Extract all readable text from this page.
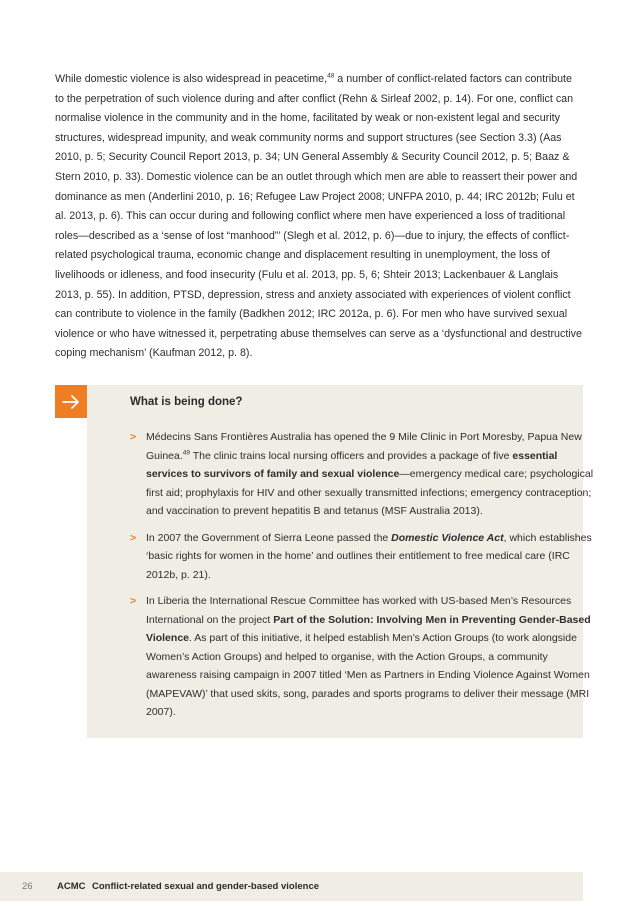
While domestic violence is also widespread in peacetime,$^{48}$ a number of conflict-related factors can contribute to the perpetration of such violence during and after conflict (Rehn & Sirleaf 2002, p. 14). For one, conflict can normalise violence in the community and in the home, facilitated by weak or non-existent legal and security structures, widespread impunity, and weak community norms and support structures (see Section 3.3) (Aas 2010, p. 5; Security Council Report 2013, p. 34; UN General Assembly & Security Council 2012, p. 5; Baaz & Stern 2010, p. 33). Domestic violence can be an outlet through which men are able to reassert their power and dominance as men (Anderlini 2010, p. 16; Refugee Law Project 2008; UNFPA 2010, p. 44; IRC 2012b; Fulu et al. 2013, p. 6). This can occur during and following conflict where men have experienced a loss of traditional roles—described as a ‘sense of lost “manhood”’ (Slegh et al. 2012, p. 6)—due to injury, the effects of conflict-related psychological trauma, economic change and displacement resulting in unemployment, the loss of livelihoods or idleness, and food insecurity (Fulu et al. 2013, pp. 5, 6; Shteir 2013; Lackenbauer & Langlais 2013, p. 55). In addition, PTSD, depression, stress and anxiety associated with experiences of violent conflict can contribute to violence in the family (Badkhen 2012; IRC 2012a, p. 6). For men who have survived sexual violence or who have witnessed it, perpetrating abuse themselves can serve as a ‘dysfunctional and destructive coping mechanism’ (Kaufman 2012, p. 8).

What is being done?
> Médecins Sans Frontières Australia has opened the 9 Mile Clinic in Port Moresby, Papua New Guinea.$^{49}$ The clinic trains local nursing officers and provides a package of five essential services to survivors of family and sexual violence—emergency medical care; psychological first aid; prophylaxis for HIV and other sexually transmitted infections; emergency contraception; and vaccination to prevent hepatitis B and tetanus (MSF Australia 2013).
> In 2007 the Government of Sierra Leone passed the Domestic Violence Act, which establishes ‘basic rights for women in the home’ and outlines their entitlement to free medical care (IRC 2012b, p. 21).
> In Liberia the International Rescue Committee has worked with US-based Men’s Resources International on the project Part of the Solution: Involving Men in Preventing Gender-Based Violence. As part of this initiative, it helped establish Men’s Action Groups (to work alongside Women’s Action Groups) and helped to organise, with the Action Groups, a community awareness raising campaign in 2007 titled ‘Men as Partners in Ending Violence Against Women (MAPEVAW)’ that used skits, song, parades and sports programs to deliver their message (MRI 2007).
26	ACMC Conflict-related sexual and gender-based violence
